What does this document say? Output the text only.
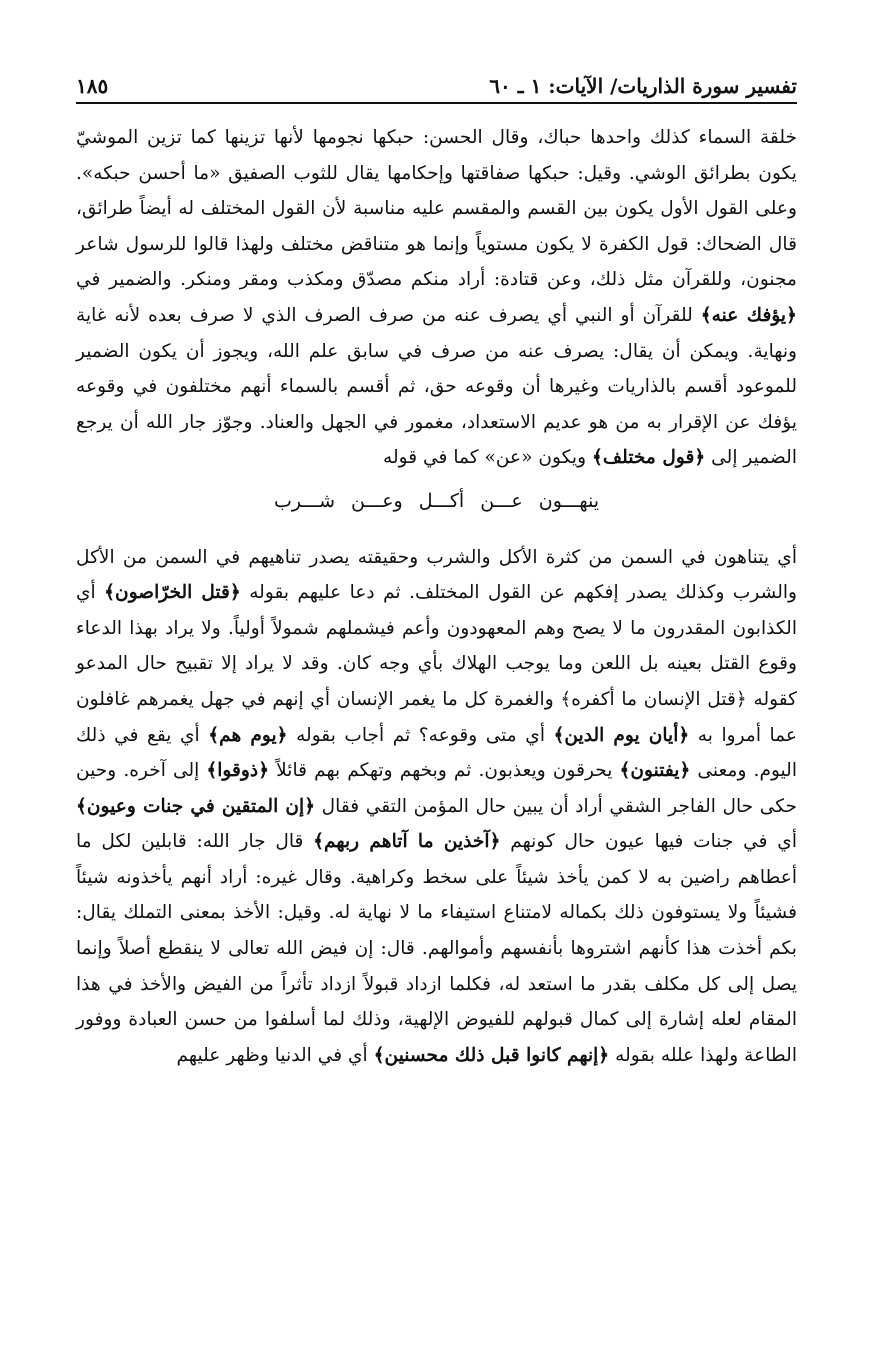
تفسير سورة الذاريات/ الآيات: ١ ـ ٦٠
١٨٥

خلقة السماء كذلك واحدها حباك، وقال الحسن: حبكها نجومها لأنها تزينها كما تزين الموشيّ يكون بطرائق الوشي. وقيل: حبكها صفاقتها وإحكامها يقال للثوب الصفيق «ما أحسن حبكه». وعلى القول الأول يكون بين القسم والمقسم عليه مناسبة لأن القول المختلف له أيضاً طرائق، قال الضحاك: قول الكفرة لا يكون مستوياً وإنما هو متناقض مختلف ولهذا قالوا للرسول شاعر مجنون، وللقرآن مثل ذلك، وعن قتادة: أراد منكم مصدّق ومكذب ومقر ومنكر. والضمير في ﴿يؤفك عنه﴾ للقرآن أو النبي أي يصرف عنه من صرف الصرف الذي لا صرف بعده لأنه غاية ونهاية. ويمكن أن يقال: يصرف عنه من صرف في سابق علم الله، ويجوز أن يكون الضمير للموعود أقسم بالذاريات وغيرها أن وقوعه حق، ثم أقسم بالسماء أنهم مختلفون في وقوعه يؤفك عن الإقرار به من هو عديم الاستعداد، مغمور في الجهل والعناد. وجوّز جار الله أن يرجع الضمير إلى ﴿قول مختلف﴾ ويكون «عن» كما في قوله

ينهـــون عـــن أكـــل وعـــن شـــرب

أي يتناهون في السمن من كثرة الأكل والشرب وحقيقته يصدر تناهيهم في السمن من الأكل والشرب وكذلك يصدر إفكهم عن القول المختلف. ثم دعا عليهم بقوله ﴿قتل الخرّاصون﴾ أي الكذابون المقدرون ما لا يصح وهم المعهودون وأعم فيشملهم شمولاً أولياً. ولا يراد بهذا الدعاء وقوع القتل بعينه بل اللعن وما يوجب الهلاك بأي وجه كان. وقد لا يراد إلا تقبيح حال المدعو كقوله ﴿قتل الإنسان ما أكفره﴾ والغمرة كل ما يغمر الإنسان أي إنهم في جهل يغمرهم غافلون عما أمروا به ﴿أيان يوم الدين﴾ أي متى وقوعه؟ ثم أجاب بقوله ﴿يوم هم﴾ أي يقع في ذلك اليوم. ومعنى ﴿يفتنون﴾ يحرقون ويعذبون. ثم وبخهم وتهكم بهم قائلاً ﴿ذوقوا﴾ إلى آخره. وحين حكى حال الفاجر الشقي أراد أن يبين حال المؤمن التقي فقال ﴿إن المتقين في جنات وعيون﴾ أي في جنات فيها عيون حال كونهم ﴿آخذين ما آتاهم ربهم﴾ قال جار الله: قابلين لكل ما أعطاهم راضين به لا كمن يأخذ شيئاً على سخط وكراهية. وقال غيره: أراد أنهم يأخذونه شيئاً فشيئاً ولا يستوفون ذلك بكماله لامتناع استيفاء ما لا نهاية له. وقيل: الأخذ بمعنى التملك يقال: بكم أخذت هذا كأنهم اشتروها بأنفسهم وأموالهم. قال: إن فيض الله تعالى لا ينقطع أصلاً وإنما يصل إلى كل مكلف بقدر ما استعد له، فكلما ازداد قبولاً ازداد تأثراً من الفيض والأخذ في هذا المقام لعله إشارة إلى كمال قبولهم للفيوض الإلهية، وذلك لما أسلفوا من حسن العبادة ووفور الطاعة ولهذا علله بقوله ﴿إنهم كانوا قبل ذلك محسنين﴾ أي في الدنيا وظهر عليهم
